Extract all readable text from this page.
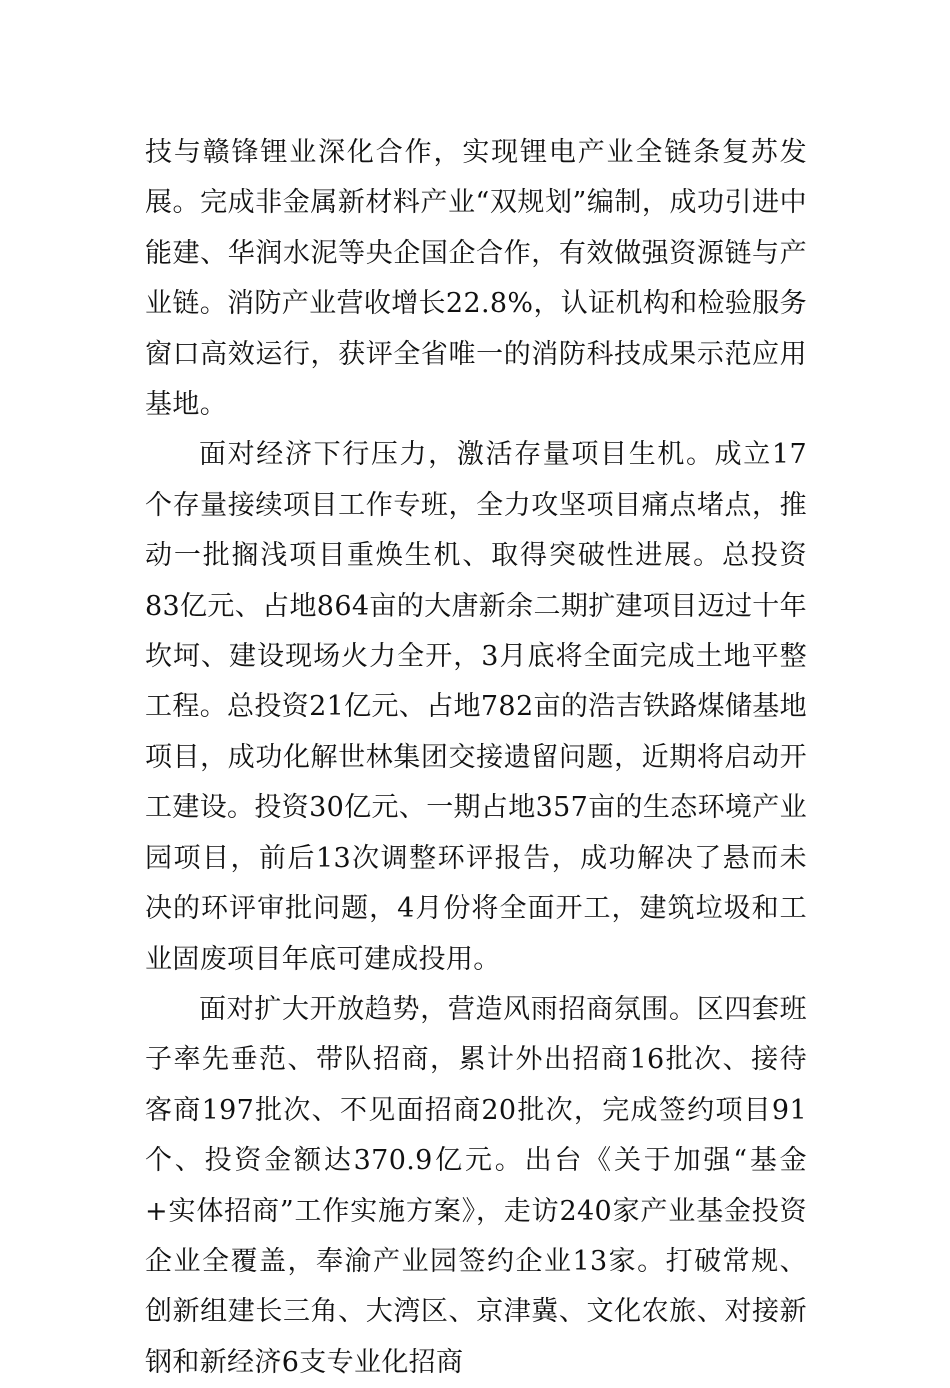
技与赣锋锂业深化合作，实现锂电产业全链条复苏发展。完成非金属新材料产业“双规划”编制，成功引进中能建、华润水泥等央企国企合作，有效做强资源链与产业链。消防产业营收增长22.8%，认证机构和检验服务窗口高效运行，获评全省唯一的消防科技成果示范应用基地。

面对经济下行压力，激活存量项目生机。成立17个存量接续项目工作专班，全力攻坚项目痛点堵点，推动一批搁浅项目重焕生机、取得突破性进展。总投资83亿元、占地864亩的大唐新余二期扩建项目迈过十年坎坷、建设现场火力全开，3月底将全面完成土地平整工程。总投资21亿元、占地782亩的浩吉铁路煤储基地项目，成功化解世林集团交接遗留问题，近期将启动开工建设。投资30亿元、一期占地357亩的生态环境产业园项目，前后13次调整环评报告，成功解决了悬而未决的环评审批问题，4月份将全面开工，建筑垃圾和工业固废项目年底可建成投用。

面对扩大开放趋势，营造风雨招商氛围。区四套班子率先垂范、带队招商，累计外出招商16批次、接待客商197批次、不见面招商20批次，完成签约项目91个、投资金额达370.9亿元。出台《关于加强“基金+实体招商”工作实施方案》，走访240家产业基金投资企业全覆盖，奉渝产业园签约企业13家。打破常规、创新组建长三角、大湾区、京津冀、文化农旅、对接新钢和新经济6支专业化招商
